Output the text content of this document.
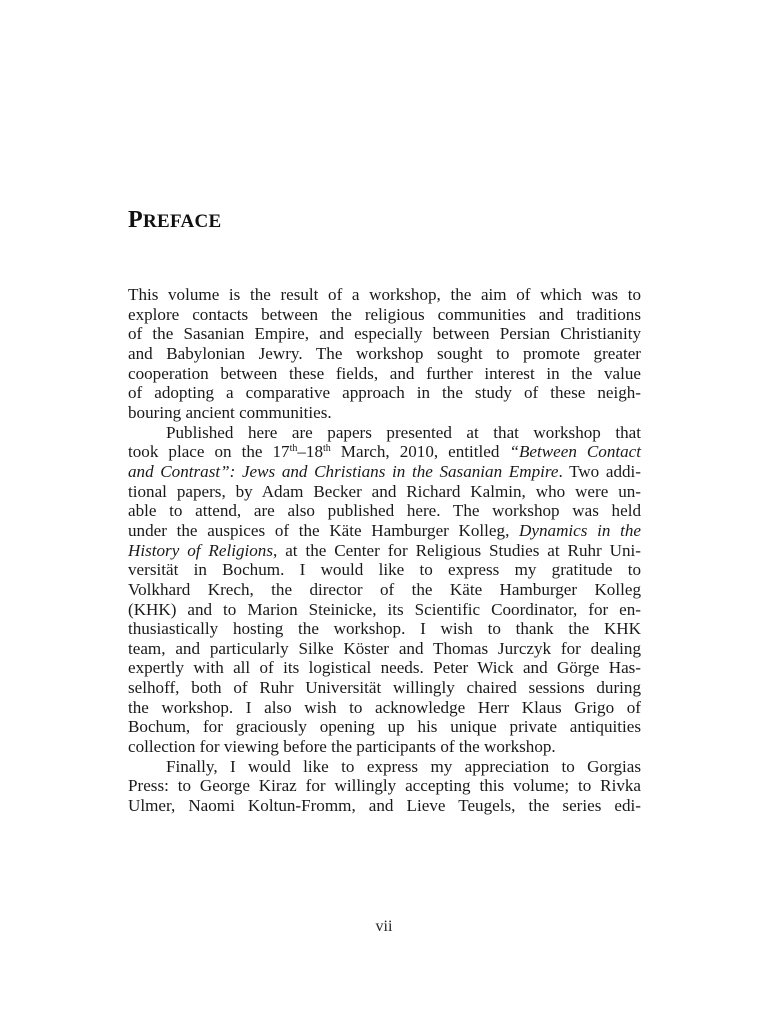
PREFACE
This volume is the result of a workshop, the aim of which was to
explore contacts between the religious communities and traditions
of the Sasanian Empire, and especially between Persian Christianity
and Babylonian Jewry. The workshop sought to promote greater
cooperation between these fields, and further interest in the value
of adopting a comparative approach in the study of these neigh-
bouring ancient communities.
Published here are papers presented at that workshop that
took place on the 17th–18th March, 2010, entitled “Between Contact
and Contrast”: Jews and Christians in the Sasanian Empire. Two addi-
tional papers, by Adam Becker and Richard Kalmin, who were un-
able to attend, are also published here. The workshop was held
under the auspices of the Käte Hamburger Kolleg, Dynamics in the
History of Religions, at the Center for Religious Studies at Ruhr Uni-
versität in Bochum. I would like to express my gratitude to
Volkhard Krech, the director of the Käte Hamburger Kolleg
(KHK) and to Marion Steinicke, its Scientific Coordinator, for en-
thusiastically hosting the workshop. I wish to thank the KHK
team, and particularly Silke Köster and Thomas Jurczyk for dealing
expertly with all of its logistical needs. Peter Wick and Görge Has-
selhoff, both of Ruhr Universität willingly chaired sessions during
the workshop. I also wish to acknowledge Herr Klaus Grigo of
Bochum, for graciously opening up his unique private antiquities
collection for viewing before the participants of the workshop.
Finally, I would like to express my appreciation to Gorgias
Press: to George Kiraz for willingly accepting this volume; to Rivka
Ulmer, Naomi Koltun-Fromm, and Lieve Teugels, the series edi-
vii
